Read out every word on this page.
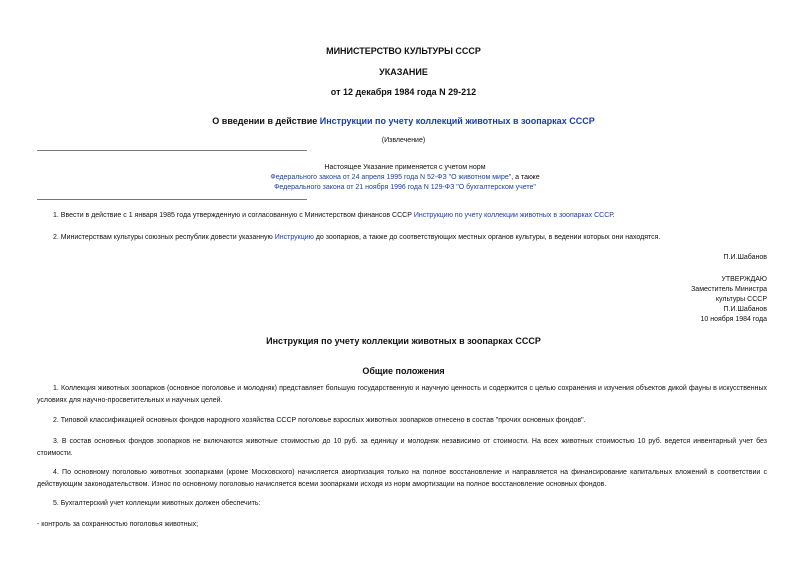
МИНИСТЕРСТВО КУЛЬТУРЫ СССР
УКАЗАНИЕ
от 12 декабря 1984 года N 29-212
О введении в действие Инструкции по учету коллекций животных в зоопарках СССР
(Извлечение)
Настоящее Указание применяется с учетом норм
Федерального закона от 24 апреля 1995 года N 52-ФЗ "О животном мире", а также
Федерального закона от 21 ноября 1996 года N 129-ФЗ "О бухгалтерском учете"
1. Ввести в действие с 1 января 1985 года утвержденную и согласованную с Министерством финансов СССР Инструкцию по учету коллекции животных в зоопарках СССР.
2. Министерствам культуры союзных республик довести указанную Инструкцию до зоопарков, а также до соответствующих местных органов культуры, в ведении которых они находятся.
П.И.Шабанов
УТВЕРЖДАЮ
Заместитель Министра
культуры СССР
П.И.Шабанов
10 ноября 1984 года
Инструкция по учету коллекции животных в зоопарках СССР
Общие положения
1. Коллекция животных зоопарков (основное поголовье и молодняк) представляет большую государственную и научную ценность и содержится с целью сохранения и изучения объектов дикой фауны в искусственных условиях для научно-просветительных и научных целей.
2. Типовой классификацией основных фондов народного хозяйства СССР поголовье взрослых животных зоопарков отнесено в состав "прочих основных фондов".
3. В состав основных фондов зоопарков не включаются животные стоимостью до 10 руб. за единицу и молодняк независимо от стоимости. На всех животных стоимостью 10 руб. ведется инвентарный учет без стоимости.
4. По основному поголовью животных зоопарками (кроме Московского) начисляется амортизация только на полное восстановление и направляется на финансирование капитальных вложений в соответствии с действующим законодательством. Износ по основному поголовью начисляется всеми зоопарками исходя из норм амортизации на полное восстановление основных фондов.
5. Бухгалтерский учет коллекции животных должен обеспечить:
- контроль за сохранностью поголовья животных;
